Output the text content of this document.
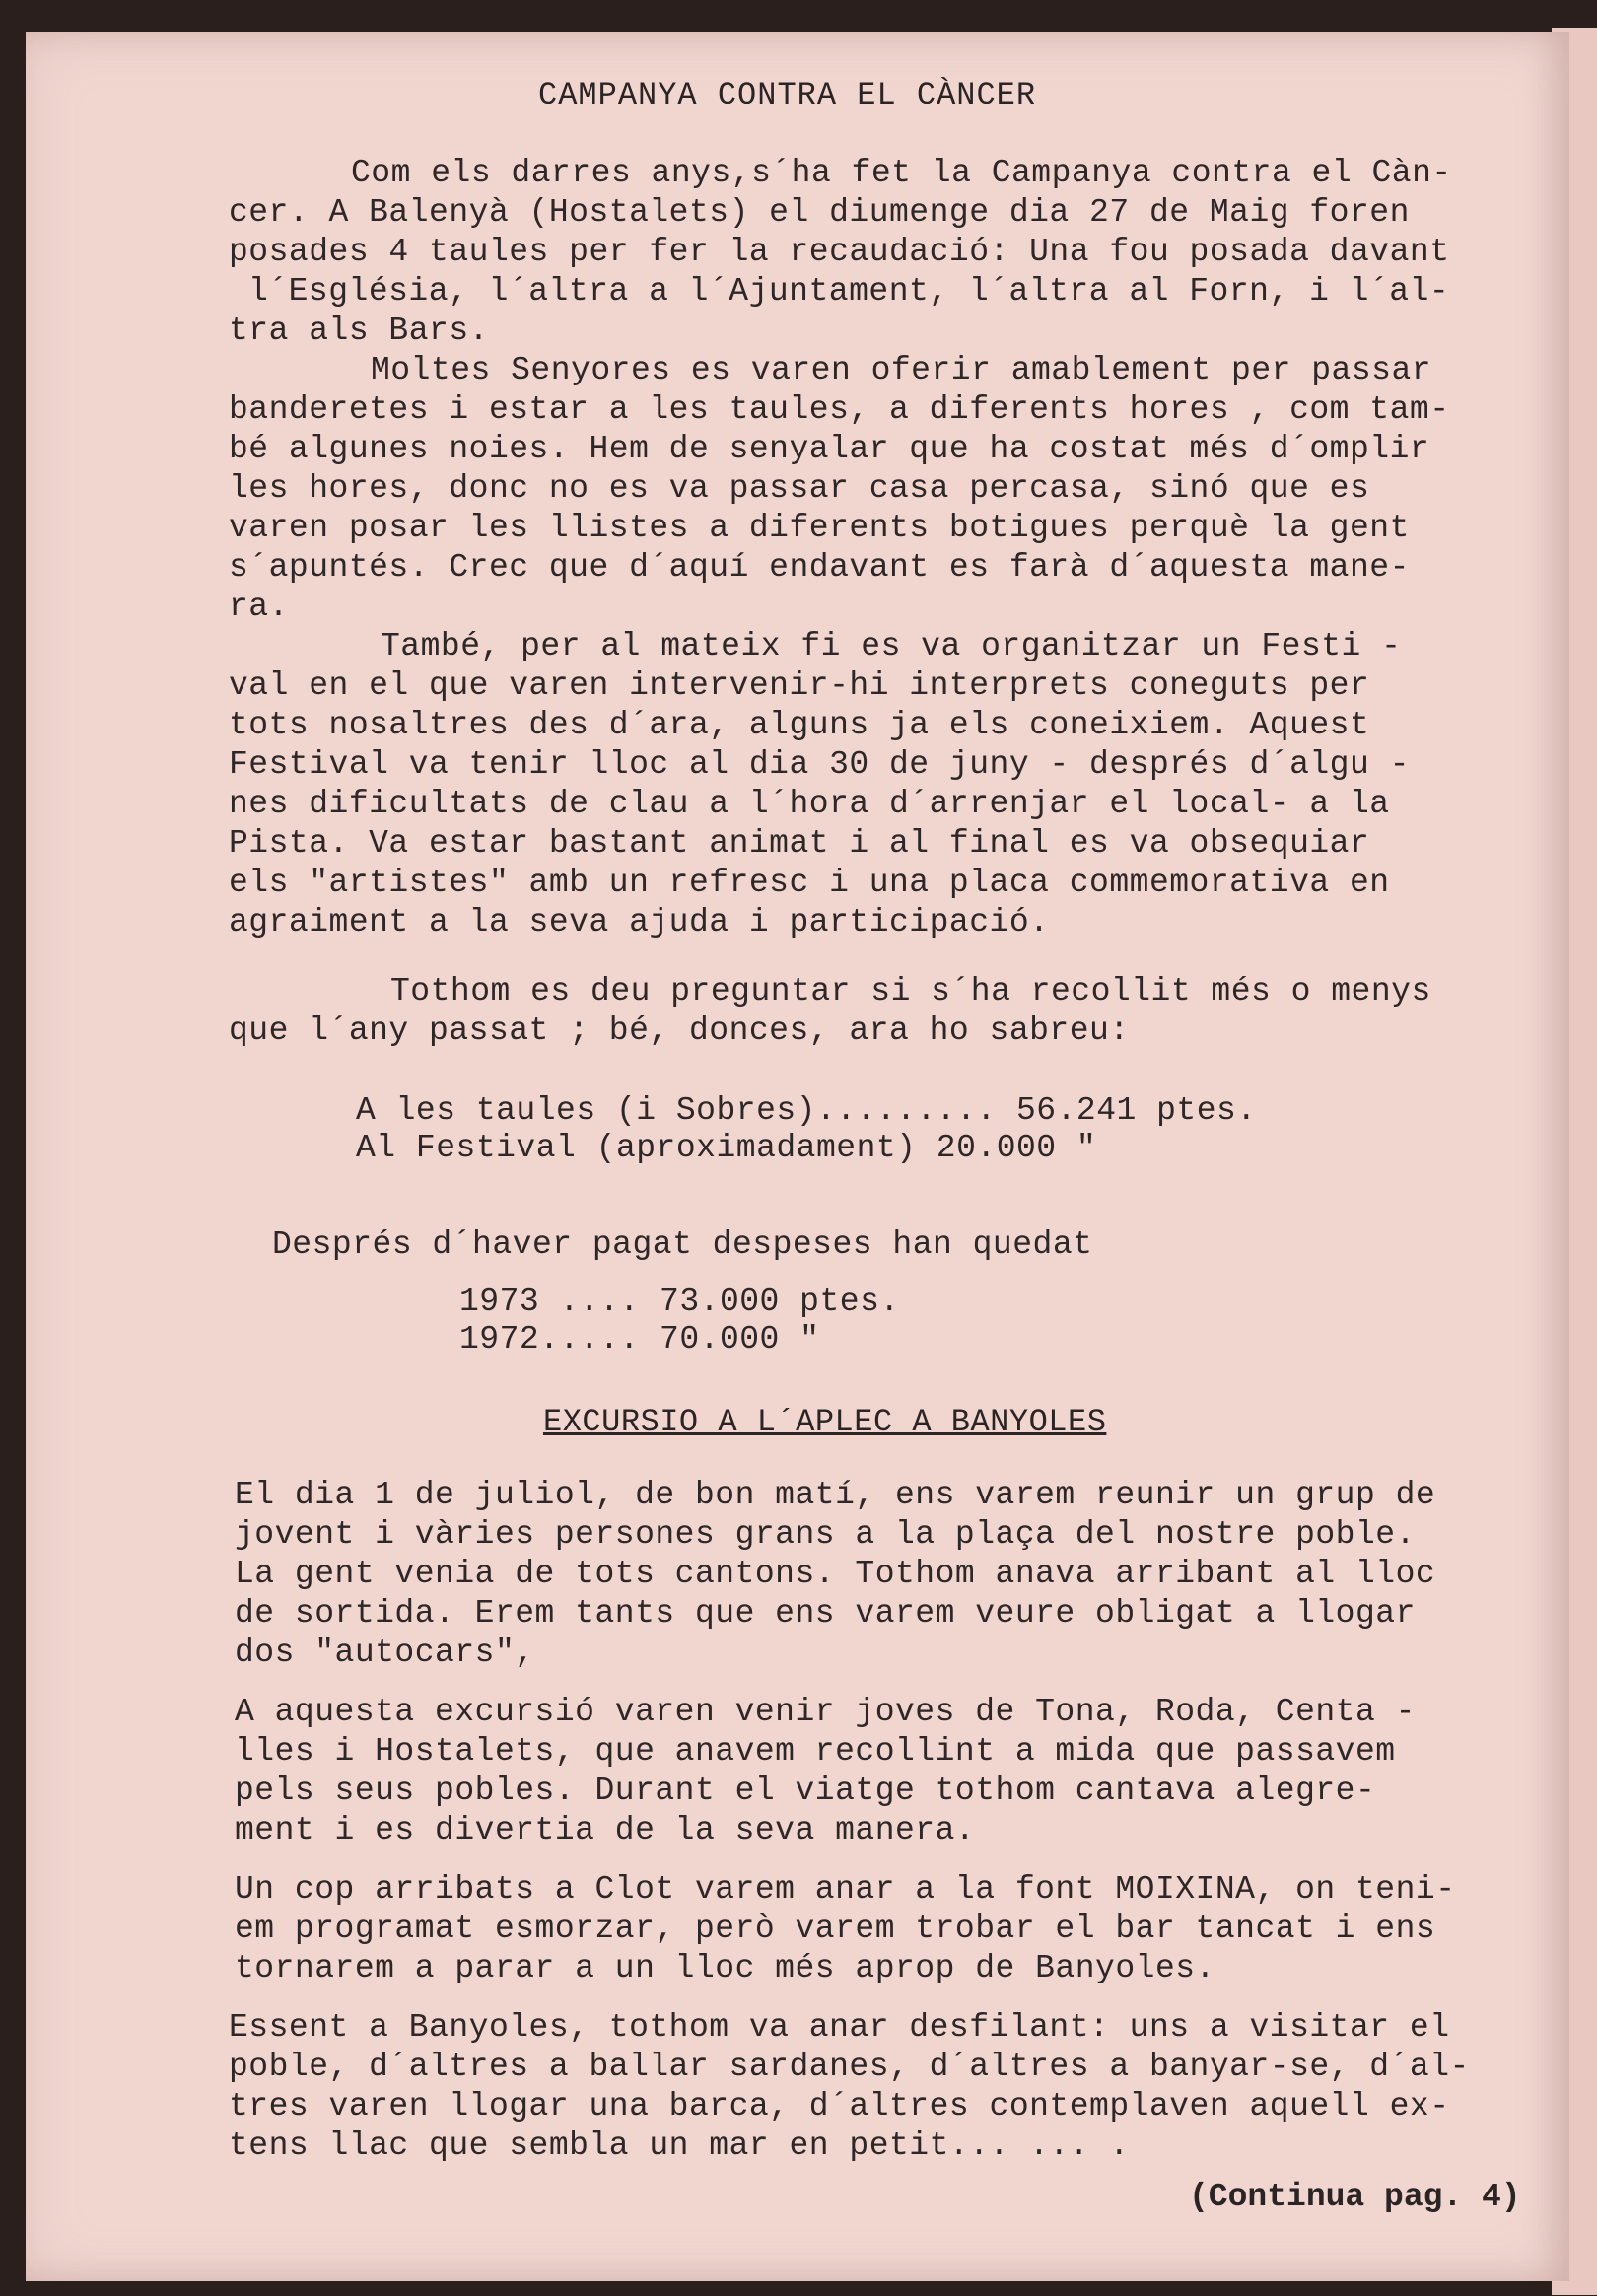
CAMPANYA CONTRA EL CÀNCER
EXCURSIO A L´APLEC A BANYOLES
(Continua pag. 4)
Com els darres anys,s´ha fet la Campanya contra el Càn-
cer. A Balenyà (Hostalets) el diumenge dia 27 de Maig foren
posades 4 taules per fer la recaudació: Una fou posada davant
l´Església, l´altra a l´Ajuntament, l´altra al Forn, i l´al-
tra als Bars.
Moltes Senyores es varen oferir amablement per passar
banderetes i estar a les taules, a diferents hores , com tam-
bé algunes noies. Hem de senyalar que ha costat més d´omplir
les hores, donc no es va passar casa percasa, sinó que es
varen posar les llistes a diferents botigues perquè la gent
s´apuntés. Crec que d´aquí endavant es farà d´aquesta mane-
ra.
També, per al mateix fi es va organitzar un Festi -
val en el que varen intervenir-hi interprets coneguts per
tots nosaltres des d´ara, alguns ja els coneixiem. Aquest
Festival va tenir lloc al dia 30 de juny - després d´algu -
nes dificultats de clau a l´hora d´arrenjar el local- a la
Pista. Va estar bastant animat i al final es va obsequiar
els "artistes" amb un refresc i una placa commemorativa en
agraiment a la seva ajuda i participació.
Tothom es deu preguntar si s´ha recollit més o menys
que l´any passat ; bé, donces, ara ho sabreu:
A les taules (i Sobres)......... 56.241 ptes.
Al Festival (aproximadament) 20.000 "
Després d´haver pagat despeses han quedat
1973 .... 73.000 ptes.
1972..... 70.000 "
El dia 1 de juliol, de bon matí, ens varem reunir un grup de
jovent i vàries persones grans a la plaça del nostre poble.
La gent venia de tots cantons. Tothom anava arribant al lloc
de sortida. Erem tants que ens varem veure obligat a llogar
dos "autocars",
A aquesta excursió varen venir joves de Tona, Roda, Centa -
lles i Hostalets, que anavem recollint a mida que passavem
pels seus pobles. Durant el viatge tothom cantava alegre-
ment i es divertia de la seva manera.
Un cop arribats a Clot varem anar a la font MOIXINA, on teni-
em programat esmorzar, però varem trobar el bar tancat i ens
tornarem a parar a un lloc més aprop de Banyoles.
Essent a Banyoles, tothom va anar desfilant: uns a visitar el
poble, d´altres a ballar sardanes, d´altres a banyar-se, d´al-
tres varen llogar una barca, d´altres contemplaven aquell ex-
tens llac que sembla un mar en petit... ... .
